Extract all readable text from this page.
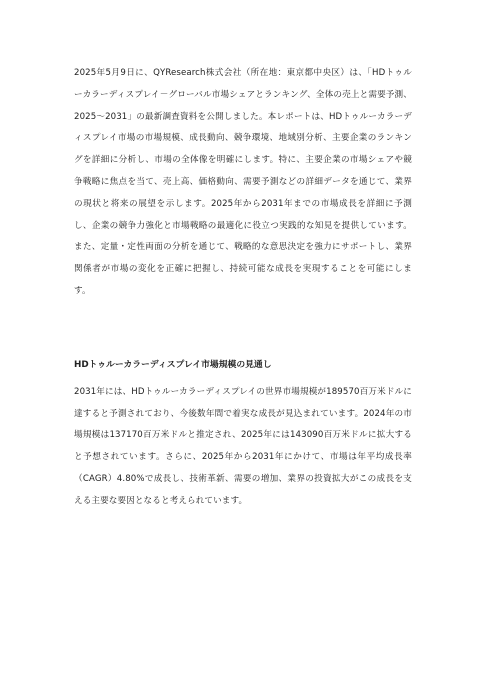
2025年5月9日に、QYResearch株式会社（所在地：東京都中央区）は、「HDトゥルーカラーディスプレイ－グローバル市場シェアとランキング、全体の売上と需要予測、2025～2031」の最新調査資料を公開しました。本レポートは、HDトゥルーカラーディスプレイ市場の市場規模、成長動向、競争環境、地域別分析、主要企業のランキングを詳細に分析し、市場の全体像を明確にします。特に、主要企業の市場シェアや競争戦略に焦点を当て、売上高、価格動向、需要予測などの詳細データを通じて、業界の現状と将来の展望を示します。2025年から2031年までの市場成長を詳細に予測し、企業の競争力強化と市場戦略の最適化に役立つ実践的な知見を提供しています。また、定量・定性両面の分析を通じて、戦略的な意思決定を強力にサポートし、業界関係者が市場の変化を正確に把握し、持続可能な成長を実現することを可能にします。

HDトゥルーカラーディスプレイ市場規模の見通し

2031年には、HDトゥルーカラーディスプレイの世界市場規模が189570百万米ドルに達すると予測されており、今後数年間で着実な成長が見込まれています。2024年の市場規模は137170百万米ドルと推定され、2025年には143090百万米ドルに拡大すると予想されています。さらに、2025年から2031年にかけて、市場は年平均成長率（CAGR）4.80%で成長し、技術革新、需要の増加、業界の投資拡大がこの成長を支える主要な要因となると考えられています。
